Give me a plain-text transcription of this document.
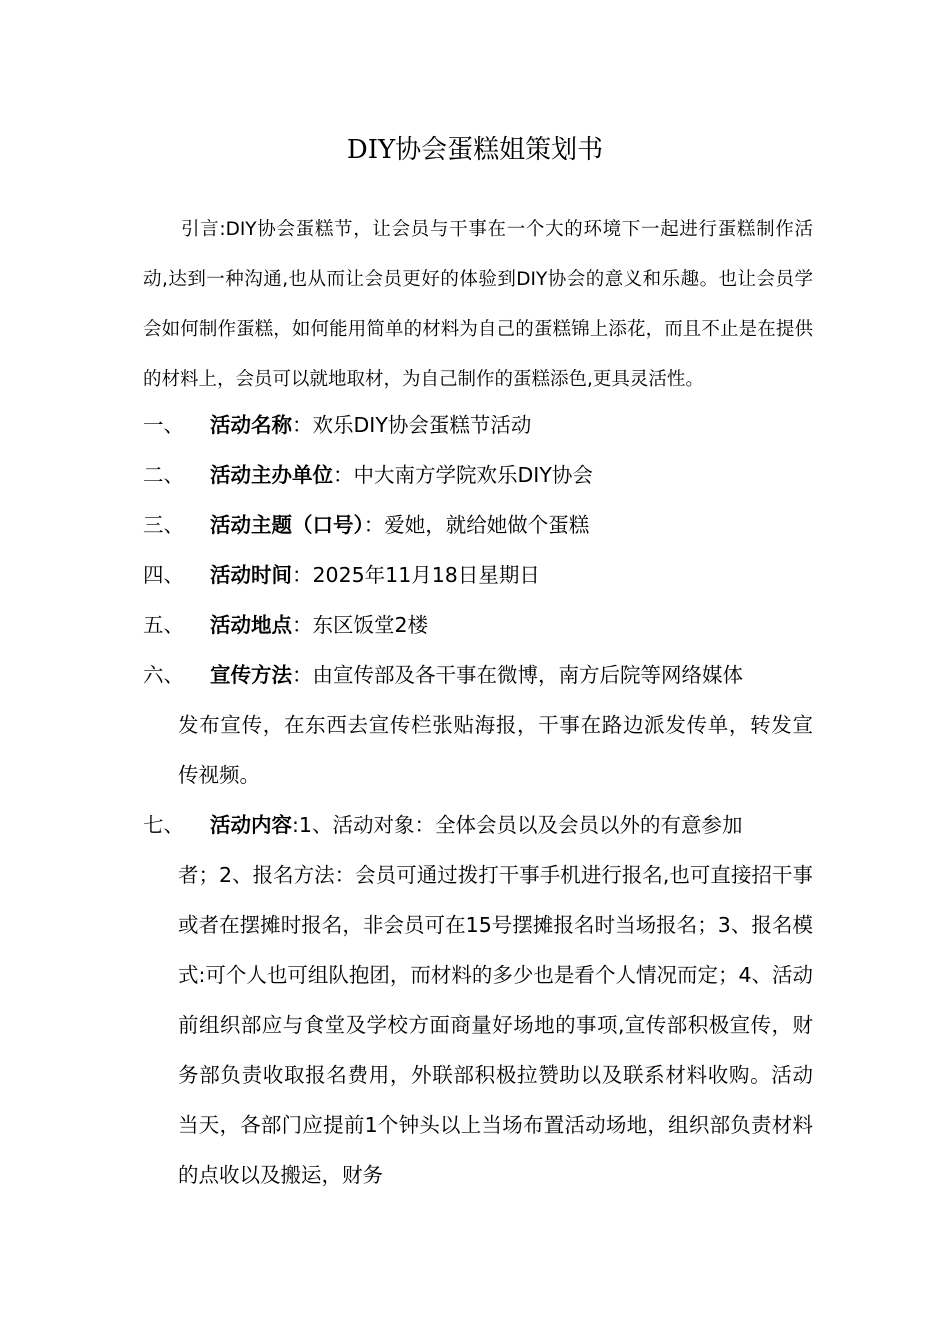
DIY协会蛋糕姐策划书
引言:DIY协会蛋糕节，让会员与干事在一个大的环境下一起进行蛋糕制作活动,达到一种沟通,也从而让会员更好的体验到DIY协会的意义和乐趣。也让会员学会如何制作蛋糕，如何能用简单的材料为自己的蛋糕锦上添花，而且不止是在提供的材料上，会员可以就地取材，为自己制作的蛋糕添色,更具灵活性。
一、 活动名称：欢乐DIY协会蛋糕节活动
二、 活动主办单位：中大南方学院欢乐DIY协会
三、 活动主题（口号）：爱她，就给她做个蛋糕
四、 活动时间：2025年11月18日星期日
五、 活动地点：东区饭堂2楼
六、 宣传方法：由宣传部及各干事在微博，南方后院等网络媒体
发布宣传，在东西去宣传栏张贴海报，干事在路边派发传单，转发宣传视频。
七、 活动内容:1、活动对象：全体会员以及会员以外的有意参加
者；2、报名方法：会员可通过拨打干事手机进行报名,也可直接招干事或者在摆摊时报名，非会员可在15号摆摊报名时当场报名；3、报名模式:可个人也可组队抱团，而材料的多少也是看个人情况而定；4、活动前组织部应与食堂及学校方面商量好场地的事项,宣传部积极宣传，财务部负责收取报名费用，外联部积极拉赞助以及联系材料收购。活动当天，各部门应提前1个钟头以上当场布置活动场地，组织部负责材料的点收以及搬运，财务
